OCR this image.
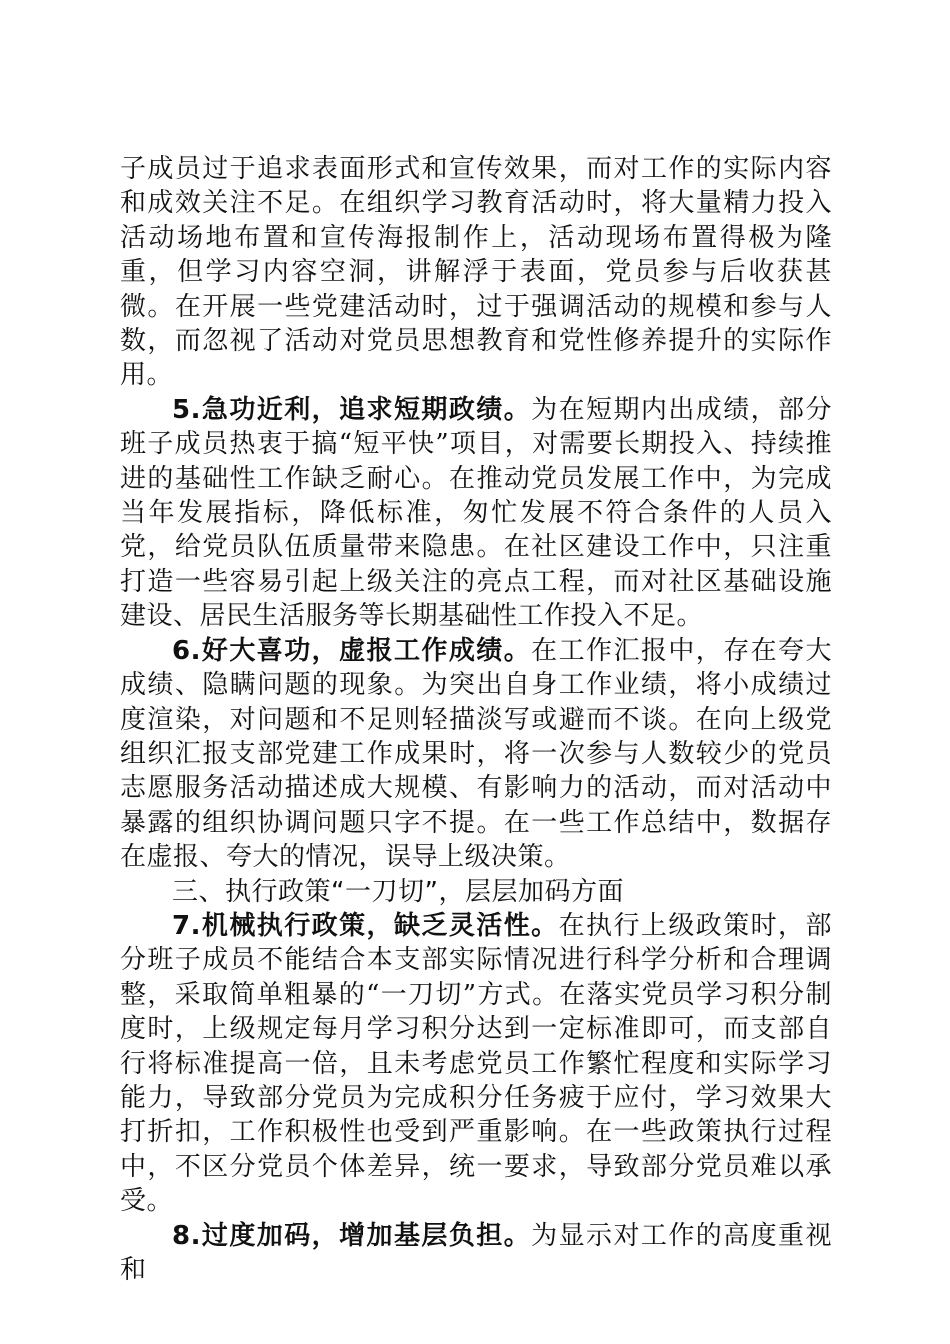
子成员过于追求表面形式和宣传效果，而对工作的实际内容和成效关注不足。在组织学习教育活动时，将大量精力投入活动场地布置和宣传海报制作上，活动现场布置得极为隆重，但学习内容空洞，讲解浮于表面，党员参与后收获甚微。在开展一些党建活动时，过于强调活动的规模和参与人数，而忽视了活动对党员思想教育和党性修养提升的实际作用。

5.急功近利，追求短期政绩。为在短期内出成绩，部分班子成员热衷于搞“短平快”项目，对需要长期投入、持续推进的基础性工作缺乏耐心。在推动党员发展工作中，为完成当年发展指标，降低标准，匆忙发展不符合条件的人员入党，给党员队伍质量带来隐患。在社区建设工作中，只注重打造一些容易引起上级关注的亮点工程，而对社区基础设施建设、居民生活服务等长期基础性工作投入不足。

6.好大喜功，虚报工作成绩。在工作汇报中，存在夸大成绩、隐瞒问题的现象。为突出自身工作业绩，将小成绩过度渲染，对问题和不足则轻描淡写或避而不谈。在向上级党组织汇报支部党建工作成果时，将一次参与人数较少的党员志愿服务活动描述成大规模、有影响力的活动，而对活动中暴露的组织协调问题只字不提。在一些工作总结中，数据存在虚报、夸大的情况，误导上级决策。

三、执行政策“一刀切”，层层加码方面

7.机械执行政策，缺乏灵活性。在执行上级政策时，部分班子成员不能结合本支部实际情况进行科学分析和合理调整，采取简单粗暴的“一刀切”方式。在落实党员学习积分制度时，上级规定每月学习积分达到一定标准即可，而支部自行将标准提高一倍，且未考虑党员工作繁忙程度和实际学习能力，导致部分党员为完成积分任务疲于应付，学习效果大打折扣，工作积极性也受到严重影响。在一些政策执行过程中，不区分党员个体差异，统一要求，导致部分党员难以承受。

8.过度加码，增加基层负担。为显示对工作的高度重视和
